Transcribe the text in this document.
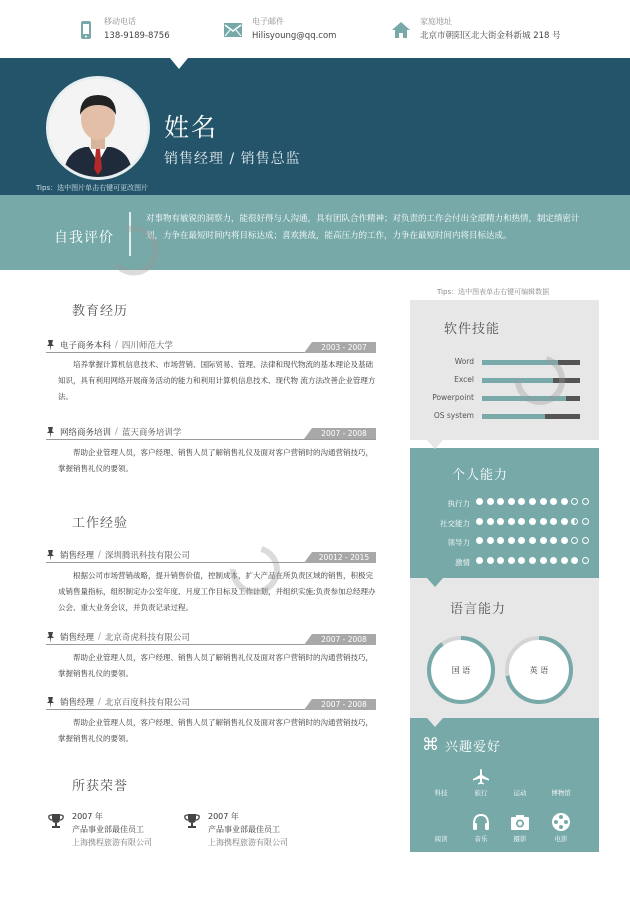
移动电话
138-9189-8756
电子邮件
Hilisyoung@qq.com
家庭地址
北京市朝阳区北大街金科新城 218 号
姓名
销售经理 / 销售总监
Tips：选中图片单击右键可更改图片
自我评价
对事物有敏锐的洞察力，能很好得与人沟通，具有团队合作精神；对负责的工作会付出全部精力和热情，制定缜密计划，力争在最短时间内将目标达成；喜欢挑战，能高压力的工作，力争在最短时间内将目标达成。
教育经历
电子商务本科 / 四川师范大学	2003 - 2007

培养掌握计算机信息技术、市场营销、国际贸易、管理、法律和现代物流的基本理论及基础知识，具有利用网络开展商务活动的能力和利用计算机信息技术、现代物 流方法改善企业管理方法。

网络商务培训 / 蓝天商务培训学	2007 - 2008

帮助企业管理人员，客户经理、销售人员了解销售礼仪及面对客户营销时的沟通营销技巧，掌握销售礼仪的要领。

工作经验
销售经理 / 深圳腾讯科技有限公司	20012 - 2015

根据公司市场营销战略，提升销售价值，控制成本，扩大产品在所负责区域的销售，积极完成销售量指标，组织制定办公室年度、月度工作目标及工作计划，并组织实施;负责参加总经理办公会、重大业务会议，并负责记录过程。

销售经理 / 北京奇虎科技有限公司	2007 - 2008

帮助企业管理人员，客户经理、销售人员了解销售礼仪及面对客户营销时的沟通营销技巧，掌握销售礼仪的要领。

销售经理 / 北京百度科技有限公司	2007 - 2008

帮助企业管理人员，客户经理、销售人员了解销售礼仪及面对客户营销时的沟通营销技巧，掌握销售礼仪的要领。

所获荣誉
2007 年
产品事业部最佳员工
上海携程旅游有限公司
2007 年
产品事业部最佳员工
上海携程旅游有限公司
Tips：选中图表单击右键可编辑数据
软件技能
Word
Excel
Powerpoint
OS system
个人能力
执行力
社交能力
领导力
激情
语言能力
国 语	英 语
⌘ 兴趣爱好
科技	旅行	运动	博物馆
阅读	音乐	摄影	电影
